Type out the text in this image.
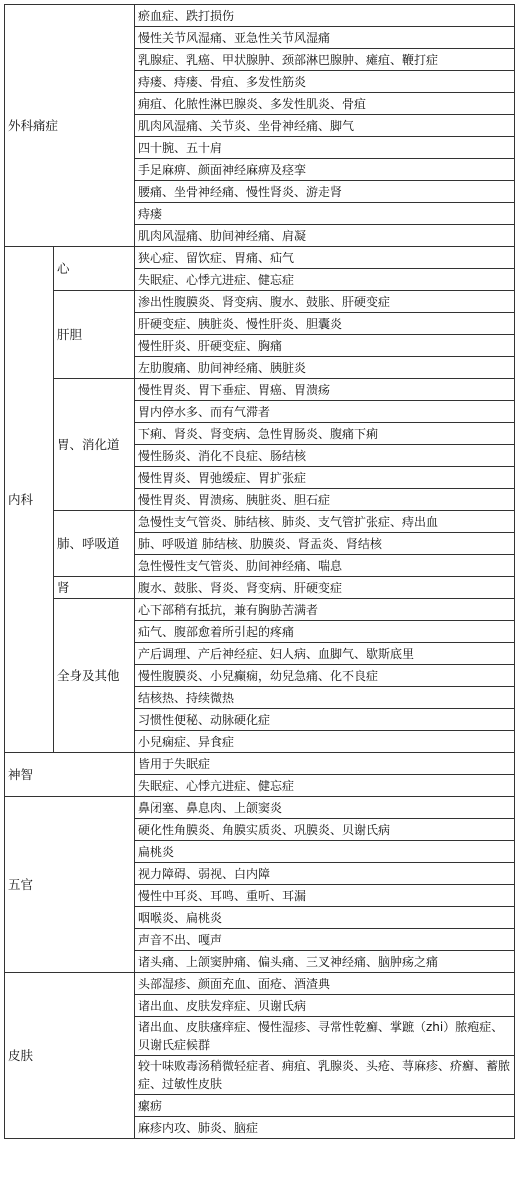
外科痛症		瘀血症、跌打损伤
		慢性关节风湿痛、亚急性关节风湿痛
		乳腺症、乳癌、甲状腺肿、颈部淋巴腺肿、瘫疽、鞭打症
		痔瘘、痔瘘、骨疽、多发性筋炎
		痈疽、化脓性淋巴腺炎、多发性肌炎、骨疽
		肌肉风湿痛、关节炎、坐骨神经痛、脚气
		四十腕、五十肩
		手足麻痹、颜面神经麻痹及痉挛
		腰痛、坐骨神经痛、慢性肾炎、游走肾
		痔瘘
		肌肉风湿痛、肋间神经痛、肩凝
内科	心	狭心症、留饮症、胃痛、疝气
		失眠症、心悸亢进症、健忘症
	肝胆	渗出性腹膜炎、肾变病、腹水、鼓胀、肝硬变症
		肝硬变症、胰脏炎、慢性肝炎、胆囊炎
		慢性肝炎、肝硬变症、胸痛
		左肋腹痛、肋间神经痛、胰脏炎
	胃、消化道	慢性胃炎、胃下垂症、胃癌、胃溃疡
		胃内停水多、而有气滞者
		下痢、肾炎、肾变病、急性胃肠炎、腹痛下痢
		慢性肠炎、消化不良症、肠结核
		慢性胃炎、胃弛缓症、胃扩张症
		慢性胃炎、胃溃疡、胰脏炎、胆石症
	肺、呼吸道	急慢性支气管炎、肺结核、肺炎、支气管扩张症、痔出血
		肺、呼吸道 肺结核、肋膜炎、肾盂炎、肾结核
		急性慢性支气管炎、肋间神经痛、喘息
	肾	腹水、鼓胀、肾炎、肾变病、肝硬变症
	全身及其他	心下部稍有抵抗，兼有胸胁苦满者
		疝气、腹部愈着所引起的疼痛
		产后调理、产后神经症、妇人病、血脚气、歇斯底里
		慢性腹膜炎、小兒癫痫，幼兒急痛、化不良症
		结核热、持续微热
		习惯性便秘、动脉硬化症
		小兒痫症、异食症
神智		皆用于失眠症
		失眠症、心悸亢进症、健忘症
五官		鼻闭塞、鼻息肉、上颌窦炎
		硬化性角膜炎、角膜实质炎、巩膜炎、贝谢氏病
		扁桃炎
		视力障碍、弱视、白内障
		慢性中耳炎、耳鸣、重听、耳漏
		咽喉炎、扁桃炎
		声音不出、嘎声
		诸头痛、上颌窦肿痛、偏头痛、三叉神经痛、脑肿疡之痛
皮肤		头部湿疹、颜面充血、面疮、酒渣典
		诸出血、皮肤发痒症、贝谢氏病
		诸出血、皮肤瘙痒症、慢性湿疹、寻常性乾癬、掌蹠（zhi）脓疱症、贝谢氏症候群
		较十味败毒汤稍微轻症者、痈疽、乳腺炎、头疮、荨麻疹、疥癬、蓄脓症、过敏性皮肤
		瘰疬
		麻疹内攻、肺炎、脑症
